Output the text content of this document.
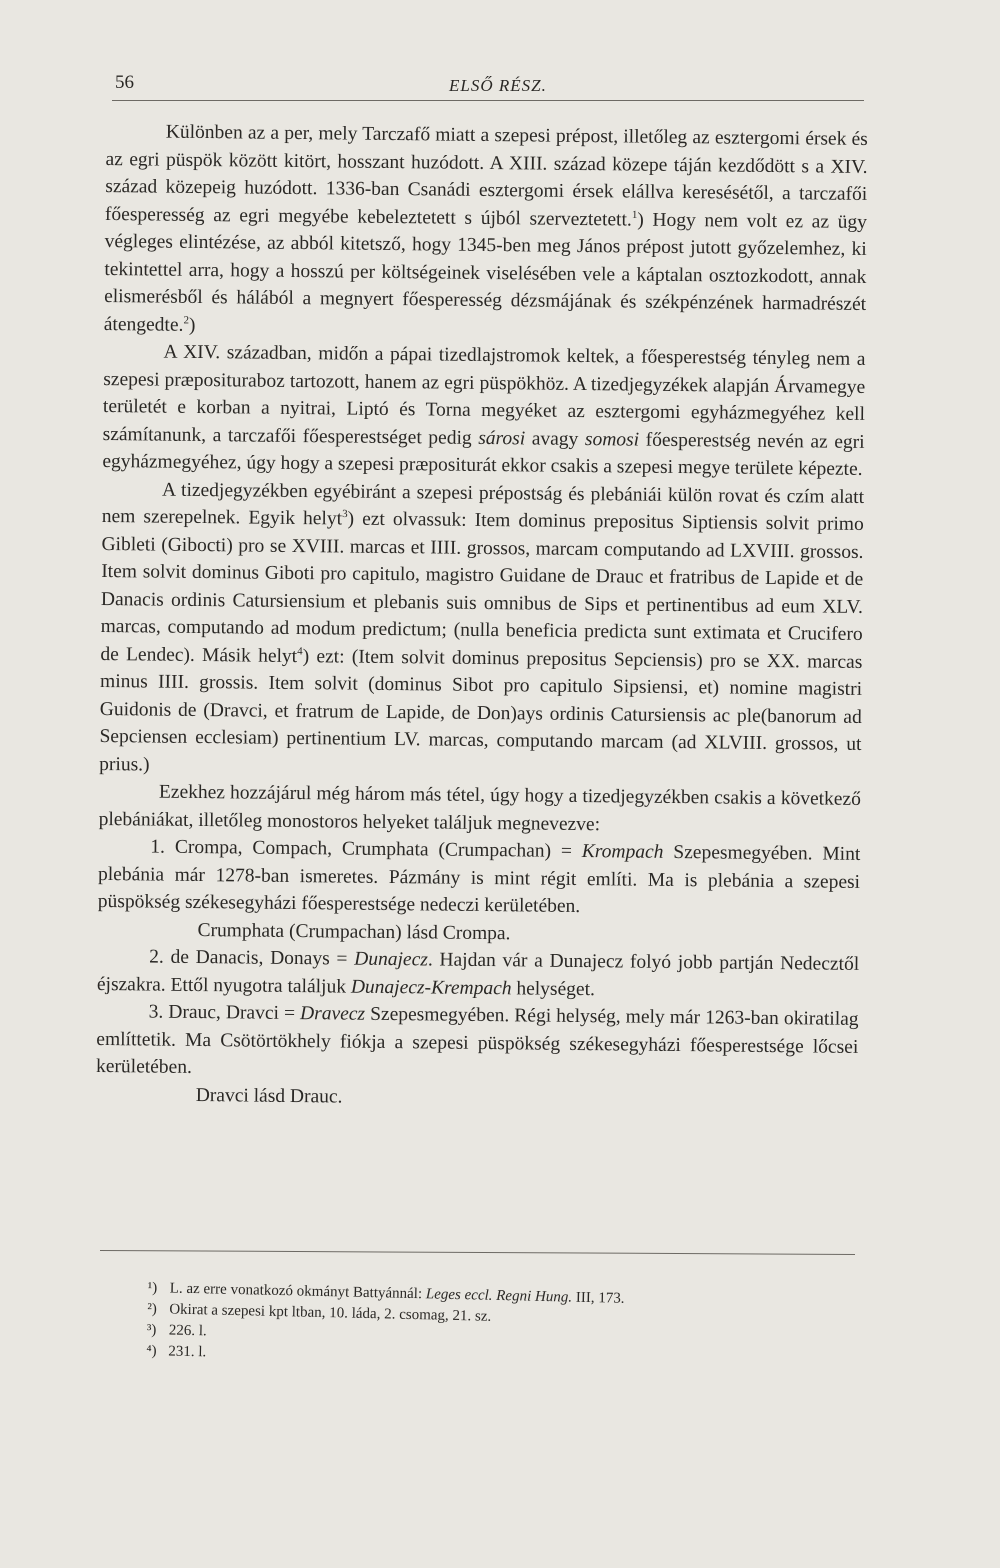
56	ELSŐ RÉSZ.

Különben az a per, mely Tarczafő miatt a szepesi prépost, illetőleg az esztergomi érsek és az egri püspök között kitört, hosszant huzódott. A XIII. század közepe táján kezdődött s a XIV. század közepeig huzódott. 1336-ban Csanádi esztergomi érsek elállva keresésétől, a tarczafői főesperesség az egri megyébe kebeleztetett s újból szerveztetett.$^1$) Hogy nem volt ez az ügy végleges elintézése, az abból kitetsző, hogy 1345-ben meg János prépost jutott győzelemhez, ki tekintettel arra, hogy a hosszú per költségeinek viselésében vele a káptalan osztozkodott, annak elismerésből és hálából a megnyert főesperesség dézsmájának és székpénzének harmadrészét átengedte.$^2$)

A XIV. században, midőn a pápai tizedlajstromok keltek, a főesperestség tényleg nem a szepesi præposituraboz tartozott, hanem az egri püspökhöz. A tizedjegyzékek alapján Árvamegye területét e korban a nyitrai, Liptó és Torna megyéket az esztergomi egyházmegyéhez kell számítanunk, a tarczafői főesperestséget pedig sárosi avagy somosi főesperestség nevén az egri egyházmegyéhez, úgy hogy a szepesi præpositurát ekkor csakis a szepesi megye területe képezte.

A tizedjegyzékben egyébiránt a szepesi prépostság és plebániái külön rovat és czím alatt nem szerepelnek. Egyik helyt$^3$) ezt olvassuk: Item dominus prepositus Siptiensis solvit primo Gibleti (Gibocti) pro se XVIII. marcas et IIII. grossos, marcam computando ad LXVIII. grossos. Item solvit dominus Giboti pro capitulo, magistro Guidane de Drauc et fratribus de Lapide et de Danacis ordinis Catursiensium et plebanis suis omnibus de Sips et pertinentibus ad eum XLV. marcas, computando ad modum predictum; (nulla beneficia predicta sunt extimata et Crucifero de Lendec). Másik helyt$^4$) ezt: (Item solvit dominus prepositus Sepciensis) pro se XX. marcas minus IIII. grossis. Item solvit (dominus Sibot pro capitulo Sipsiensi, et) nomine magistri Guidonis de (Dravci, et fratrum de Lapide, de Don)ays ordinis Catursiensis ac ple(banorum ad Sepciensen ecclesiam) pertinentium LV. marcas, computando marcam (ad XLVIII. grossos, ut prius.)

Ezekhez hozzájárul még három más tétel, úgy hogy a tizedjegyzékben csakis a következő plebániákat, illetőleg monostoros helyeket találjuk megnevezve:

1. Crompa, Compach, Crumphata (Crumpachan) = Krompach Szepesmegyében. Mint plebánia már 1278-ban ismeretes. Pázmány is mint régit említi. Ma is plebánia a szepesi püspökség székesegyházi főesperestsége nedeczi kerületében.

Crumphata (Crumpachan) lásd Crompa.

2. de Danacis, Donays = Dunajecz. Hajdan vár a Dunajecz folyó jobb partján Nedecztől éjszakra. Ettől nyugotra találjuk Dunajecz-Krempach helységet.

3. Drauc, Dravci = Dravecz Szepesmegyében. Régi helység, mely már 1263-ban okiratilag említtetik. Ma Csötörtökhely fiókja a szepesi püspökség székesegyházi főesperestsége lőcsei kerületében.

Dravci lásd Drauc.

¹) L. az erre vonatkozó okmányt Battyánnál: Leges eccl. Regni Hung. III, 173.

²) Okirat a szepesi kpt ltban, 10. láda, 2. csomag, 21. sz.

³) 226. l.

⁴) 231. l.
